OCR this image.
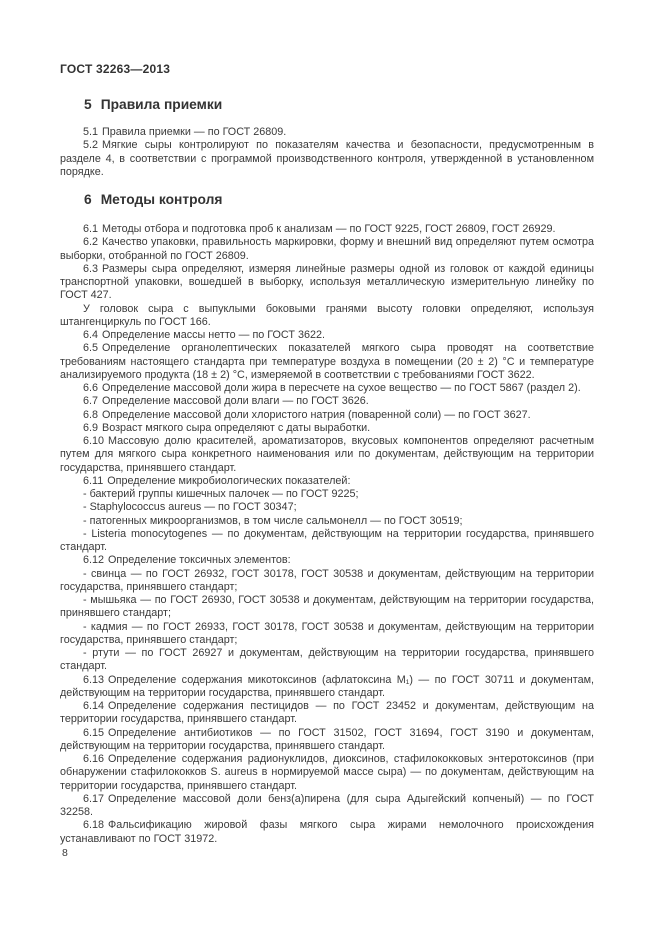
ГОСТ 32263—2013
5 Правила приемки

5.1 Правила приемки — по ГОСТ 26809.

5.2 Мягкие сыры контролируют по показателям качества и безопасности, предусмотренным в разделе 4, в соответствии с программой производственного контроля, утвержденной в установленном порядке.

6 Методы контроля

6.1 Методы отбора и подготовка проб к анализам — по ГОСТ 9225, ГОСТ 26809, ГОСТ 26929.

6.2 Качество упаковки, правильность маркировки, форму и внешний вид определяют путем осмотра выборки, отобранной по ГОСТ 26809.

6.3 Размеры сыра определяют, измеряя линейные размеры одной из головок от каждой единицы транспортной упаковки, вошедшей в выборку, используя металлическую измерительную линейку по ГОСТ 427.

У головок сыра с выпуклыми боковыми гранями высоту головки определяют, используя штангенциркуль по ГОСТ 166.

6.4 Определение массы нетто — по ГОСТ 3622.

6.5 Определение органолептических показателей мягкого сыра проводят на соответствие требованиям настоящего стандарта при температуре воздуха в помещении (20 ± 2) °С и температуре анализируемого продукта (18 ± 2) °С, измеряемой в соответствии с требованиями ГОСТ 3622.

6.6 Определение массовой доли жира в пересчете на сухое вещество — по ГОСТ 5867 (раздел 2).

6.7 Определение массовой доли влаги — по ГОСТ 3626.

6.8 Определение массовой доли хлористого натрия (поваренной соли) — по ГОСТ 3627.

6.9 Возраст мягкого сыра определяют с даты выработки.

6.10 Массовую долю красителей, ароматизаторов, вкусовых компонентов определяют расчетным путем для мягкого сыра конкретного наименования или по документам, действующим на территории государства, принявшего стандарт.

6.11 Определение микробиологических показателей:

- бактерий группы кишечных палочек — по ГОСТ 9225;

- Staphylococcus aureus — по ГОСТ 30347;

- патогенных микроорганизмов, в том числе сальмонелл — по ГОСТ 30519;

- Listeria monocytogenes — по документам, действующим на территории государства, принявшего стандарт.

6.12 Определение токсичных элементов:

- свинца — по ГОСТ 26932, ГОСТ 30178, ГОСТ 30538 и документам, действующим на территории государства, принявшего стандарт;

- мышьяка — по ГОСТ 26930, ГОСТ 30538 и документам, действующим на территории государства, принявшего стандарт;

- кадмия — по ГОСТ 26933, ГОСТ 30178, ГОСТ 30538 и документам, действующим на территории государства, принявшего стандарт;

- ртути — по ГОСТ 26927 и документам, действующим на территории государства, принявшего стандарт.

6.13 Определение содержания микотоксинов (афлатоксина М₁) — по ГОСТ 30711 и документам, действующим на территории государства, принявшего стандарт.

6.14 Определение содержания пестицидов — по ГОСТ 23452 и документам, действующим на территории государства, принявшего стандарт.

6.15 Определение антибиотиков — по ГОСТ 31502, ГОСТ 31694, ГОСТ 3190 и документам, действующим на территории государства, принявшего стандарт.

6.16 Определение содержания радионуклидов, диоксинов, стафилококковых энтеротоксинов (при обнаружении стафилококков S. aureus в нормируемой массе сыра) — по документам, действующим на территории государства, принявшего стандарт.

6.17 Определение массовой доли бенз(а)пирена (для сыра Адыгейский копченый) — по ГОСТ 32258.

6.18 Фальсификацию жировой фазы мягкого сыра жирами немолочного происхождения устанавливают по ГОСТ 31972.

8
